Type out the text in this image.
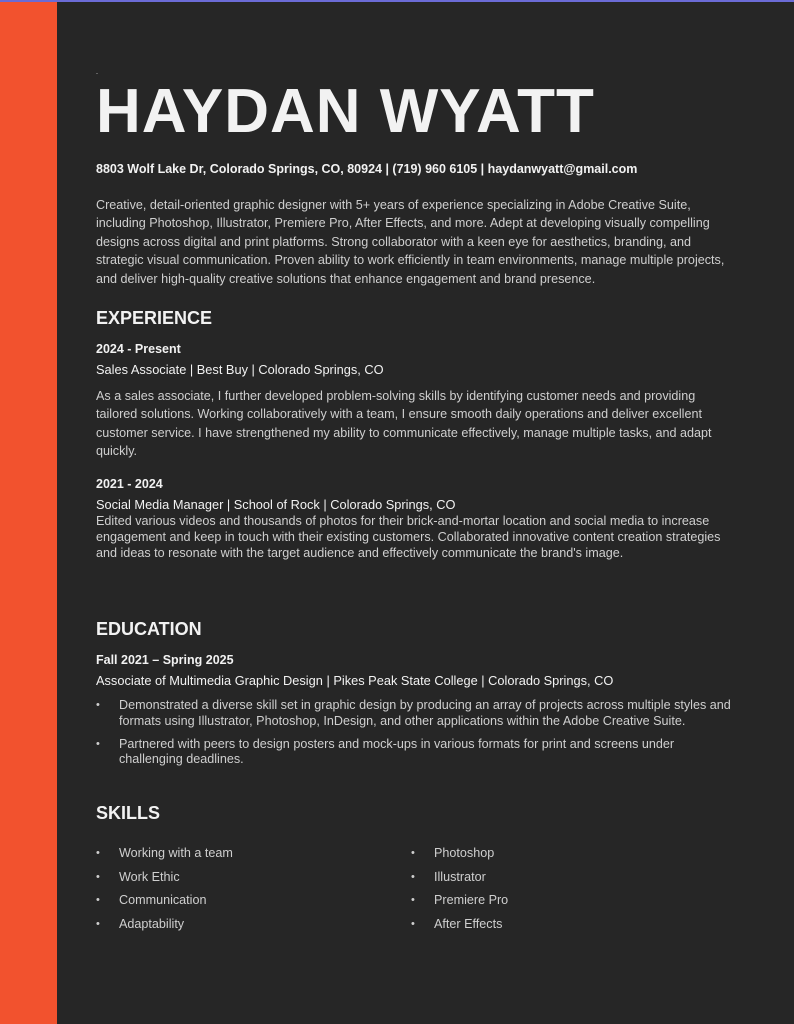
-
HAYDAN WYATT
8803 Wolf Lake Dr, Colorado Springs, CO, 80924 | (719) 960 6105 | haydanwyatt@gmail.com

Creative, detail-oriented graphic designer with 5+ years of experience specializing in Adobe Creative Suite, including Photoshop, Illustrator, Premiere Pro, After Effects, and more. Adept at developing visually compelling designs across digital and print platforms. Strong collaborator with a keen eye for aesthetics, branding, and strategic visual communication. Proven ability to work efficiently in team environments, manage multiple projects, and deliver high-quality creative solutions that enhance engagement and brand presence.

EXPERIENCE
2024 - Present
Sales Associate | Best Buy | Colorado Springs, CO

As a sales associate, I further developed problem-solving skills by identifying customer needs and providing tailored solutions. Working collaboratively with a team, I ensure smooth daily operations and deliver excellent customer service. I have strengthened my ability to communicate effectively, manage multiple tasks, and adapt quickly.

2021 - 2024
Social Media Manager | School of Rock | Colorado Springs, CO

Edited various videos and thousands of photos for their brick-and-mortar location and social media to increase engagement and keep in touch with their existing customers. Collaborated innovative content creation strategies and ideas to resonate with the target audience and effectively communicate the brand's image.

EDUCATION
Fall 2021 – Spring 2025
Associate of Multimedia Graphic Design | Pikes Peak State College | Colorado Springs, CO
• Demonstrated a diverse skill set in graphic design by producing an array of projects across multiple styles and formats using Illustrator, Photoshop, InDesign, and other applications within the Adobe Creative Suite.
• Partnered with peers to design posters and mock-ups in various formats for print and screens under challenging deadlines.
SKILLS
• Working with a team
• Work Ethic
• Communication
• Adaptability
• Photoshop
• Illustrator
• Premiere Pro
• After Effects
